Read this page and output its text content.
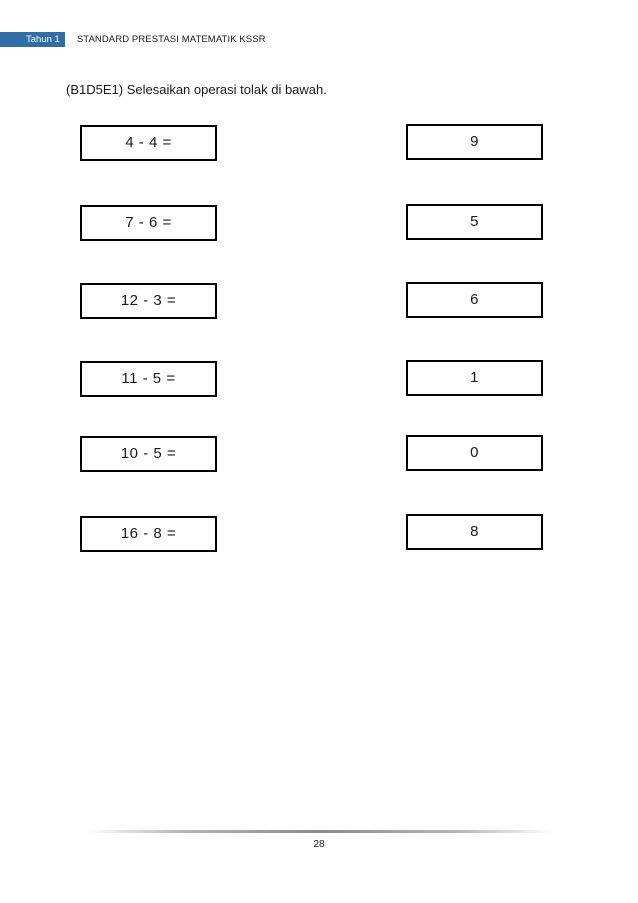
Tahun 1	STANDARD PRESTASI MATEMATIK KSSR
(B1D5E1) Selesaikan operasi tolak di bawah.
4 - 4 =
7 - 6 =
12 - 3 =
11 - 5 =
10 - 5 =
16 - 8 =
9
5
6
1
0
8
28
